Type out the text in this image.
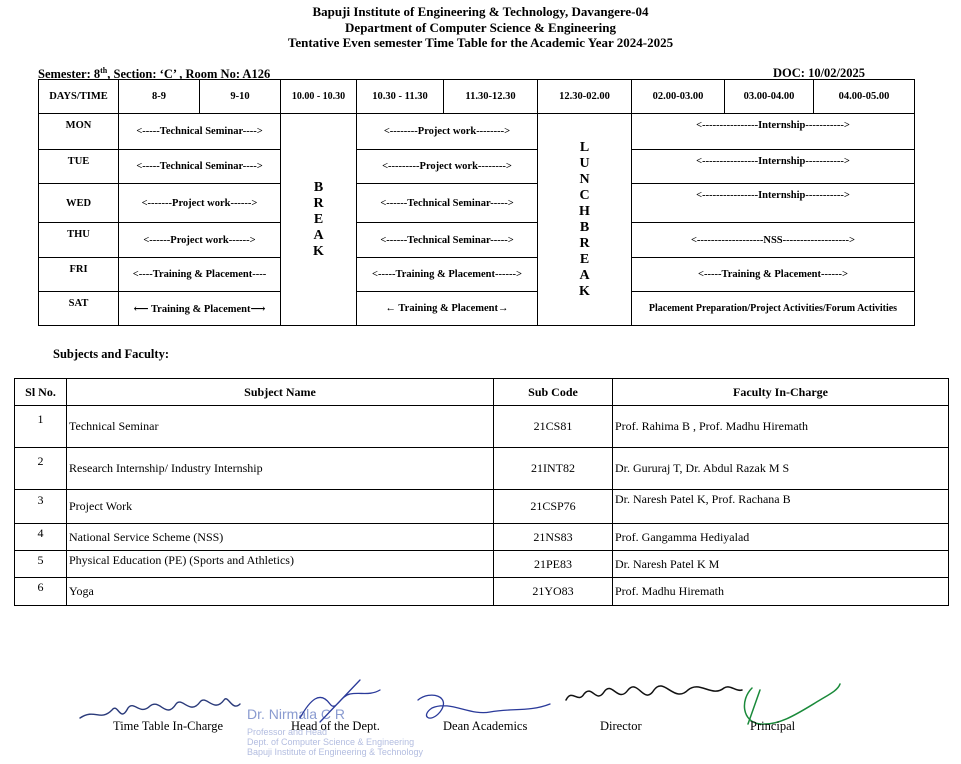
Bapuji Institute of Engineering & Technology, Davangere-04
Department of Computer Science & Engineering
Tentative Even semester Time Table for the Academic Year 2024-2025
Semester: 8th, Section: ‘C’ , Room No: A126	DOC: 10/02/2025
DAYS/TIME	8-9	9-10	10.00 - 10.30	10.30 - 11.30	11.30-12.30	12.30-02.00	02.00-03.00	03.00-04.00	04.00-05.00
MON	<-----Technical Seminar---->		BREAK	<--------Project work-------->		LUNCH BREAK	<----------------Internship----------->		
TUE	<-----Technical Seminar---->			<---------Project work-------->			<----------------Internship----------->		
WED	<-------Project work------>			<------Technical Seminar----->			<----------------Internship----------->		
THU	<------Project work------>			<------Technical Seminar----->			<-------------------NSS------------------->		
FRI	<----Training & Placement----			<-----Training & Placement------>			<-----Training & Placement------>		
SAT	⟵ Training & Placement⟶			← Training & Placement→			Placement Preparation/Project Activities/Forum Activities		
Subjects and Faculty:
Sl No.	Subject Name	Sub Code	Faculty In-Charge
1	Technical Seminar	21CS81	Prof. Rahima B , Prof. Madhu Hiremath
2	Research Internship/ Industry Internship	21INT82	Dr. Gururaj T, Dr. Abdul Razak M S
3	Project Work	21CSP76	Dr. Naresh Patel K, Prof. Rachana B
4	National Service Scheme (NSS)	21NS83	Prof. Gangamma Hediyalad
5	Physical Education (PE) (Sports and Athletics)	21PE83	Dr. Naresh Patel K M
6	Yoga	21YO83	Prof. Madhu Hiremath
Dr. Nirmala C R
Professor and Head
Dept. of Computer Science & Engineering
Bapuji Institute of Engineering & Technology
Time Table In-Charge	Head of the Dept.	Dean Academics	Director	Principal
